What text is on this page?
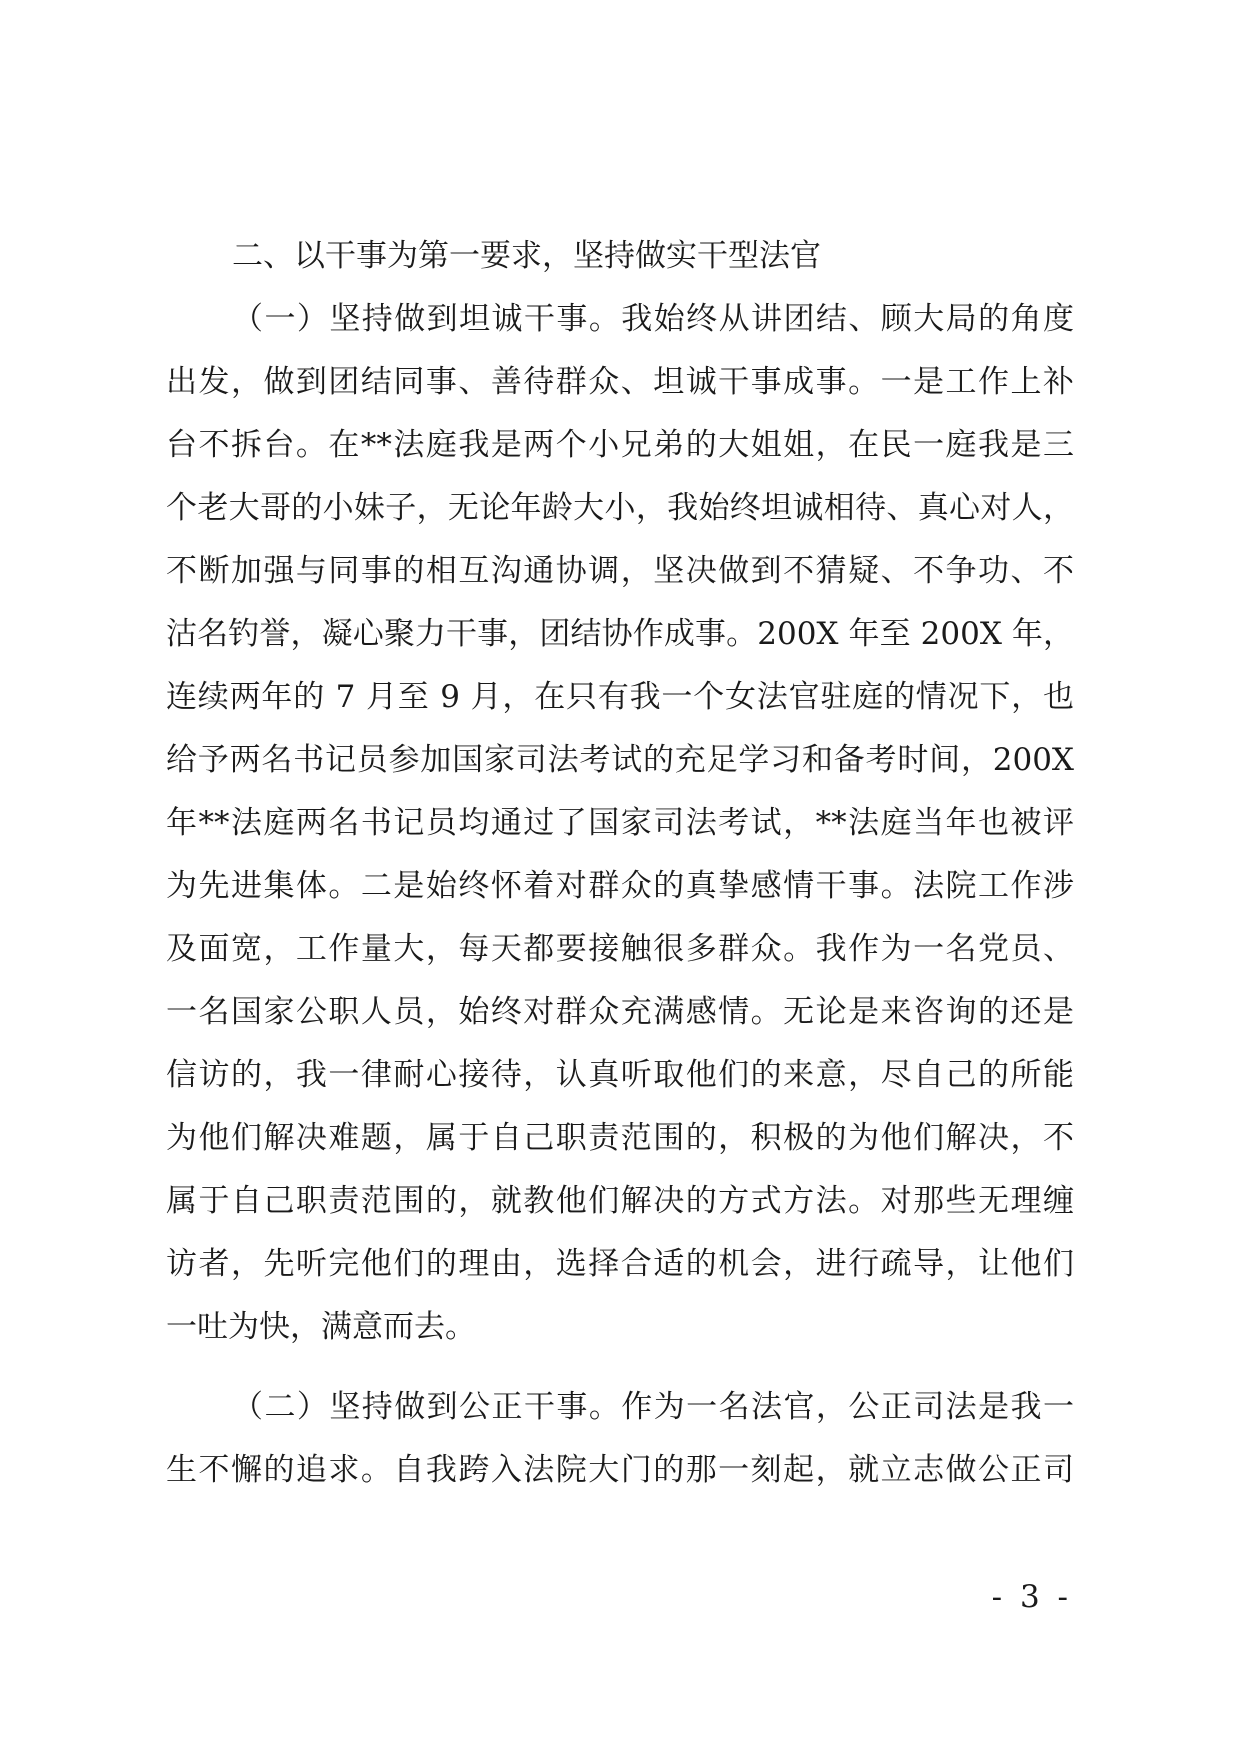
二、以干事为第一要求，坚持做实干型法官
（一）坚持做到坦诚干事。我始终从讲团结、顾大局的角度
出发，做到团结同事、善待群众、坦诚干事成事。一是工作上补
台不拆台。在**法庭我是两个小兄弟的大姐姐，在民一庭我是三
个老大哥的小妹子，无论年龄大小，我始终坦诚相待、真心对人，
不断加强与同事的相互沟通协调，坚决做到不猜疑、不争功、不
沽名钓誉，凝心聚力干事，团结协作成事。200X 年至 200X 年，
连续两年的 7 月至 9 月，在只有我一个女法官驻庭的情况下，也
给予两名书记员参加国家司法考试的充足学习和备考时间，200X
年**法庭两名书记员均通过了国家司法考试，**法庭当年也被评
为先进集体。二是始终怀着对群众的真挚感情干事。法院工作涉
及面宽，工作量大，每天都要接触很多群众。我作为一名党员、
一名国家公职人员，始终对群众充满感情。无论是来咨询的还是
信访的，我一律耐心接待，认真听取他们的来意，尽自己的所能
为他们解决难题，属于自己职责范围的，积极的为他们解决，不
属于自己职责范围的，就教他们解决的方式方法。对那些无理缠
访者，先听完他们的理由，选择合适的机会，进行疏导，让他们
一吐为快，满意而去。
（二）坚持做到公正干事。作为一名法官，公正司法是我一
生不懈的追求。自我跨入法院大门的那一刻起，就立志做公正司
- 3 -
